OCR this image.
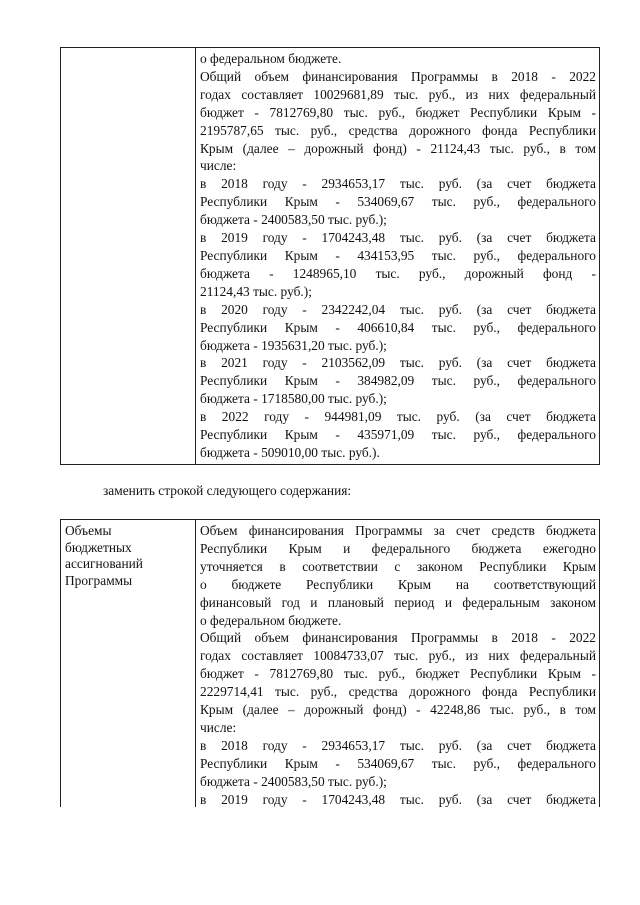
о федеральном бюджете.
Общий объем финансирования Программы в 2018 - 2022
годах составляет 10029681,89 тыс. руб., из них федеральный
бюджет - 7812769,80 тыс. руб., бюджет Республики Крым -
2195787,65 тыс. руб., средства дорожного фонда Республики
Крым (далее – дорожный фонд) - 21124,43 тыс. руб., в том
числе:
в 2018 году - 2934653,17 тыс. руб. (за счет бюджета
Республики Крым - 534069,67 тыс. руб., федерального
бюджета - 2400583,50 тыс. руб.);
в 2019 году - 1704243,48 тыс. руб. (за счет бюджета
Республики Крым - 434153,95 тыс. руб., федерального
бюджета - 1248965,10 тыс. руб., дорожный фонд -
21124,43 тыс. руб.);
в 2020 году - 2342242,04 тыс. руб. (за счет бюджета
Республики Крым - 406610,84 тыс. руб., федерального
бюджета - 1935631,20 тыс. руб.);
в 2021 году - 2103562,09 тыс. руб. (за счет бюджета
Республики Крым - 384982,09 тыс. руб., федерального
бюджета - 1718580,00 тыс. руб.);
в 2022 году - 944981,09 тыс. руб. (за счет бюджета
Республики Крым - 435971,09 тыс. руб., федерального
бюджета - 509010,00 тыс. руб.).
заменить строкой следующего содержания:
Объемы
бюджетных
ассигнований
Программы
Объем финансирования Программы за счет средств бюджета
Республики Крым и федерального бюджета ежегодно
уточняется в соответствии с законом Республики Крым
о бюджете Республики Крым на соответствующий
финансовый год и плановый период и федеральным законом
о федеральном бюджете.
Общий объем финансирования Программы в 2018 - 2022
годах составляет 10084733,07 тыс. руб., из них федеральный
бюджет - 7812769,80 тыс. руб., бюджет Республики Крым -
2229714,41 тыс. руб., средства дорожного фонда Республики
Крым (далее – дорожный фонд) - 42248,86 тыс. руб., в том
числе:
в 2018 году - 2934653,17 тыс. руб. (за счет бюджета
Республики Крым - 534069,67 тыс. руб., федерального
бюджета - 2400583,50 тыс. руб.);
в 2019 году - 1704243,48 тыс. руб. (за счет бюджета
